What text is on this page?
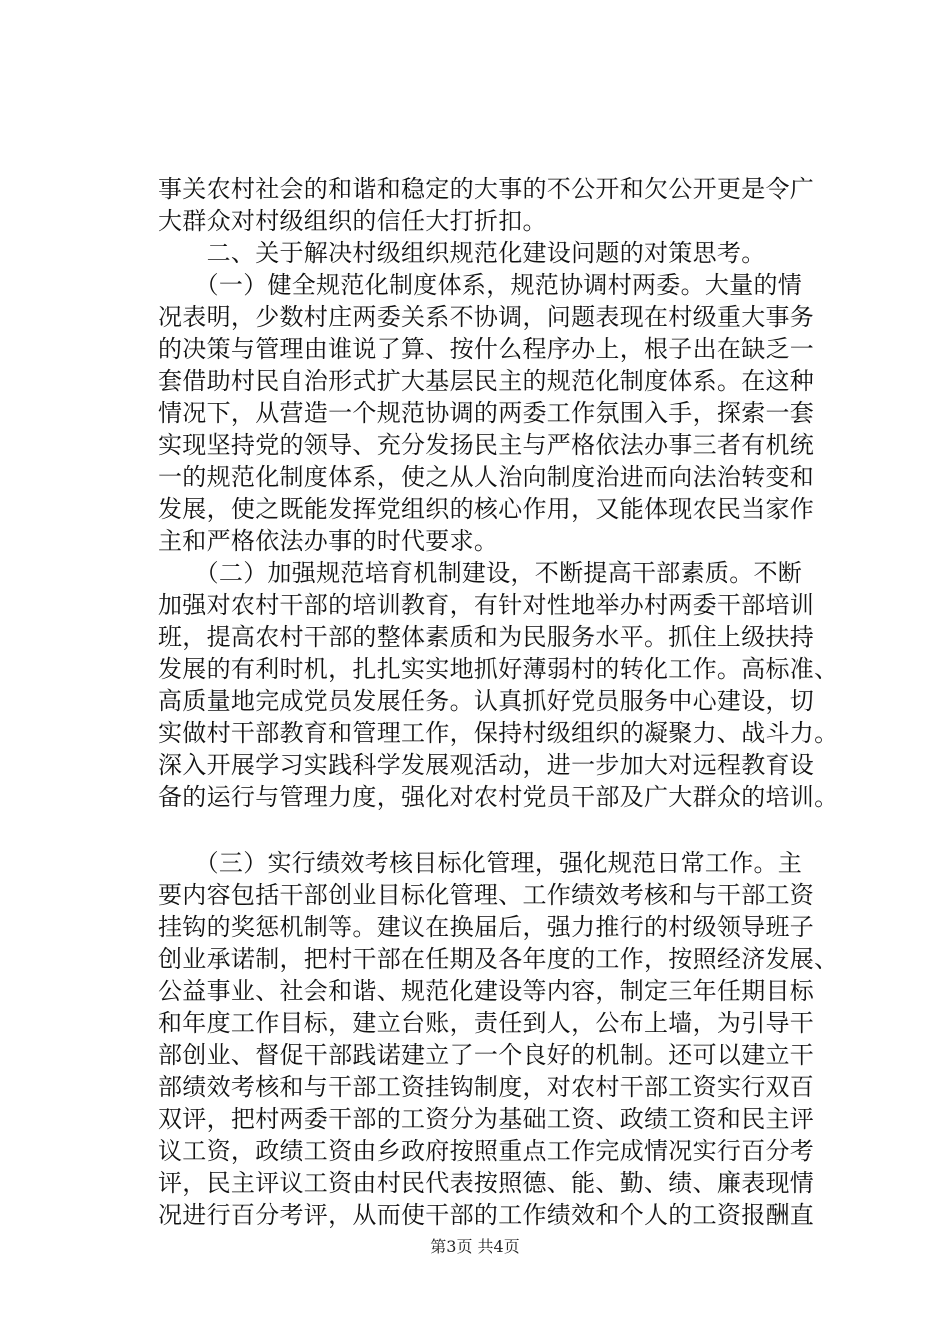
事关农村社会的和谐和稳定的大事的不公开和欠公开更是令广
大群众对村级组织的信任大打折扣。
　　二、关于解决村级组织规范化建设问题的对策思考。
　　（一）健全规范化制度体系，规范协调村两委。大量的情
况表明，少数村庄两委关系不协调，问题表现在村级重大事务
的决策与管理由谁说了算、按什么程序办上，根子出在缺乏一
套借助村民自治形式扩大基层民主的规范化制度体系。在这种
情况下，从营造一个规范协调的两委工作氛围入手，探索一套
实现坚持党的领导、充分发扬民主与严格依法办事三者有机统
一的规范化制度体系，使之从人治向制度治进而向法治转变和
发展，使之既能发挥党组织的核心作用，又能体现农民当家作
主和严格依法办事的时代要求。
　　（二）加强规范培育机制建设，不断提高干部素质。不断
加强对农村干部的培训教育，有针对性地举办村两委干部培训
班，提高农村干部的整体素质和为民服务水平。抓住上级扶持
发展的有利时机，扎扎实实地抓好薄弱村的转化工作。高标准、
高质量地完成党员发展任务。认真抓好党员服务中心建设，切
实做村干部教育和管理工作，保持村级组织的凝聚力、战斗力。
深入开展学习实践科学发展观活动，进一步加大对远程教育设
备的运行与管理力度，强化对农村党员干部及广大群众的培训。
　　（三）实行绩效考核目标化管理，强化规范日常工作。主
要内容包括干部创业目标化管理、工作绩效考核和与干部工资
挂钩的奖惩机制等。建议在换届后，强力推行的村级领导班子
创业承诺制，把村干部在任期及各年度的工作，按照经济发展、
公益事业、社会和谐、规范化建设等内容，制定三年任期目标
和年度工作目标，建立台账，责任到人，公布上墙，为引导干
部创业、督促干部践诺建立了一个良好的机制。还可以建立干
部绩效考核和与干部工资挂钩制度，对农村干部工资实行双百
双评，把村两委干部的工资分为基础工资、政绩工资和民主评
议工资，政绩工资由乡政府按照重点工作完成情况实行百分考
评，民主评议工资由村民代表按照德、能、勤、绩、廉表现情
况进行百分考评，从而使干部的工作绩效和个人的工资报酬直
第3页 共4页
